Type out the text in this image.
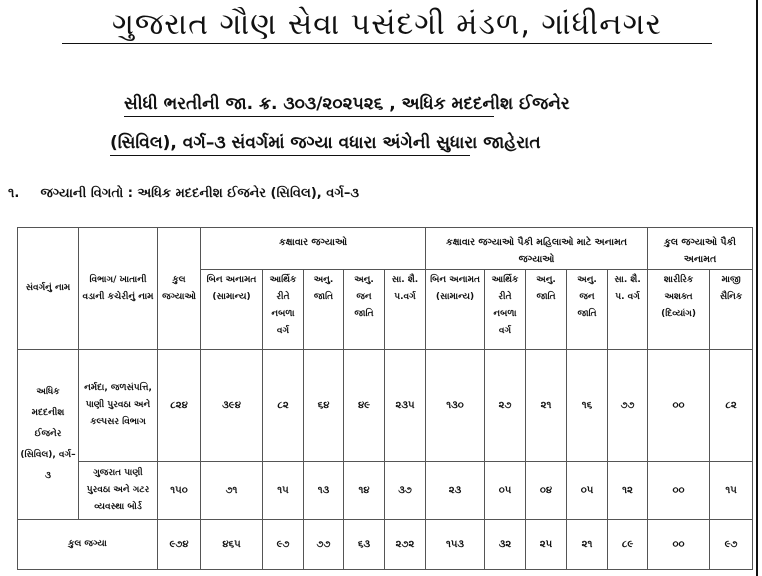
ગુજરાત ગૌણ સેવા પસંદગી મંડળ, ગાંધીનગર
સીધી ભરતીની જા. ક્ર. ૩૦૩/૨૦૨૫૨૬ , અધિક મદદનીશ ઈજનેર
(સિવિલ), વર્ગ–૩ સંવર્ગમાં જગ્યા વધારા અંગેની સુધારા જાહેરાત
૧. જગ્યાની વિગતો : અધિક મદદનીશ ઈજનેર (સિવિલ), વર્ગ–૩
સંવર્ગનું નામ	વિભાગ/ ખાતાની વડાની કચેરીનું નામ	કુલ જગ્યાઓ	કક્ષાવાર જગ્યાઓ					કક્ષાવાર જગ્યાઓ પૈકી મહિલાઓ માટે અનામત જગ્યાઓ					કુલ જગ્યાઓ પૈકી અનામત	
			બિન અનામત (સામાન્ય)	આર્થિક રીતે નબળા વર્ગ	અનુ. જાતિ	અનુ. જન જાતિ	સા. શૈ. પ.વર્ગ	બિન અનામત (સામાન્ય)	આર્થિક રીતે નબળા વર્ગ	અનુ. જાતિ	અનુ. જન જાતિ	સા. શૈ. પ. વર્ગ	શારીરિક અશક્ત (દિવ્યાંગ)	માજી સૈનિક
અધિક મદદનીશ ઈજનેર (સિવિલ), વર્ગ–૩	નર્મદા, જળસંપત્તિ, પાણી પુરવઠા અને કલ્પસર વિભાગ	૮૨૪	૩૯૪	૮૨	૬૪	૪૯	૨૩૫	૧૩૦	૨૭	૨૧	૧૬	૭૭	૦૦	૮૨
	ગુજરાત પાણી પુરવઠા અને ગટર વ્યવસ્થા બોર્ડ	૧૫૦	૭૧	૧૫	૧૩	૧૪	૩૭	૨૩	૦૫	૦૪	૦૫	૧૨	૦૦	૧૫
કુલ જગ્યા		૯૭૪	૪૬૫	૯૭	૭૭	૬૩	૨૭૨	૧૫૩	૩૨	૨૫	૨૧	૮૯	૦૦	૯૭
